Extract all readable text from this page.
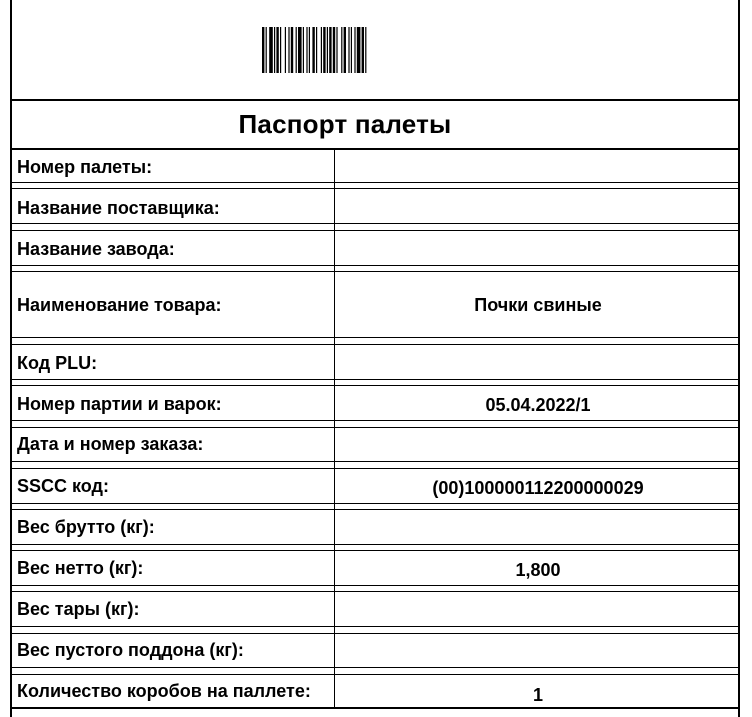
Паспорт палеты
Номер палеты:
Название поставщика:
Название завода:
Наименование товара:	Почки свиные
Код PLU:
Номер партии и варок:	05.04.2022/1
Дата и номер заказа:
SSCC код:	(00)100000112200000029
Вес брутто (кг):
Вес нетто (кг):	1,800
Вес тары (кг):
Вес пустого поддона (кг):
Количество коробов на паллете:	1
